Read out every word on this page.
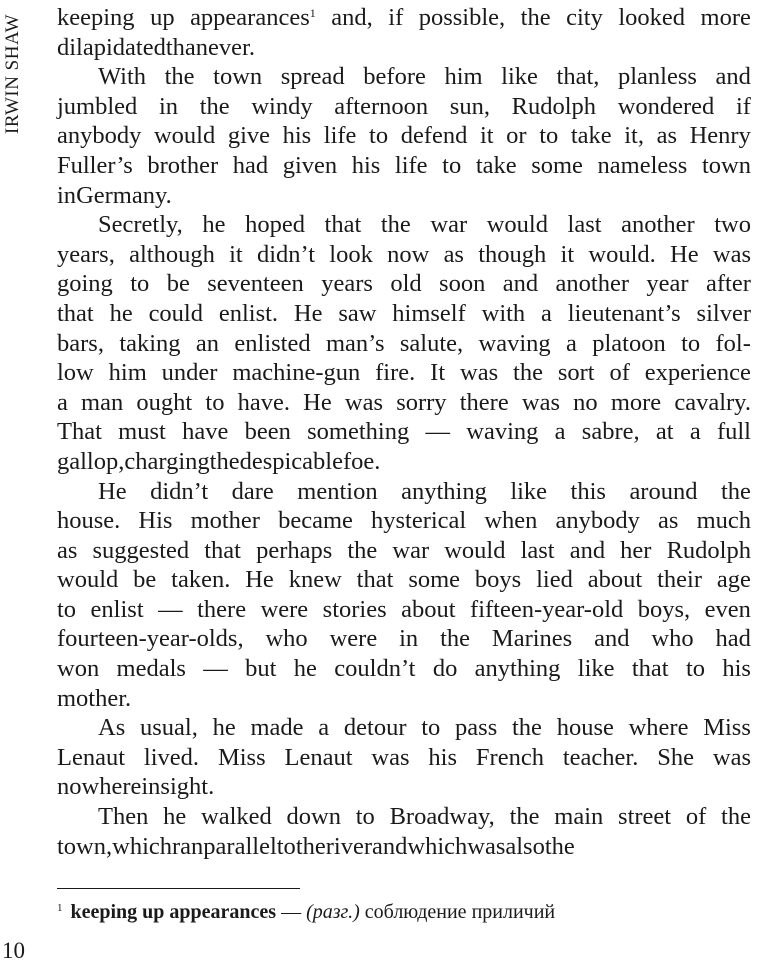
IRWIN SHAW	keeping up appearances$^1$ and, if possible, the city looked more
dilapidated than ever.
With the town spread before him like that, planless and
jumbled in the windy afternoon sun, Rudolph wondered if
anybody would give his life to defend it or to take it, as Henry
Fuller’s brother had given his life to take some nameless town
in Germany.
Secretly, he hoped that the war would last another two
years, although it didn’t look now as though it would. He was
going to be seventeen years old soon and another year after
that he could enlist. He saw himself with a lieutenant’s silver
bars, taking an enlisted man’s salute, waving a platoon to fol-
low him under machine-gun fire. It was the sort of experience
a man ought to have. He was sorry there was no more cavalry.
That must have been something — waving a sabre, at a full
gallop, charging the despicable foe.
He didn’t dare mention anything like this around the
house. His mother became hysterical when anybody as much
as suggested that perhaps the war would last and her Rudolph
would be taken. He knew that some boys lied about their age
to enlist — there were stories about fifteen-year-old boys, even
fourteen-year-olds, who were in the Marines and who had
won medals — but he couldn’t do anything like that to his
mother.
As usual, he made a detour to pass the house where Miss
Lenaut lived. Miss Lenaut was his French teacher. She was
nowhere in sight.
Then he walked down to Broadway, the main street of the
town, which ran parallel to the river and which was also the
$^1$ keeping up appearances — (разг.) соблюдение приличий
10
